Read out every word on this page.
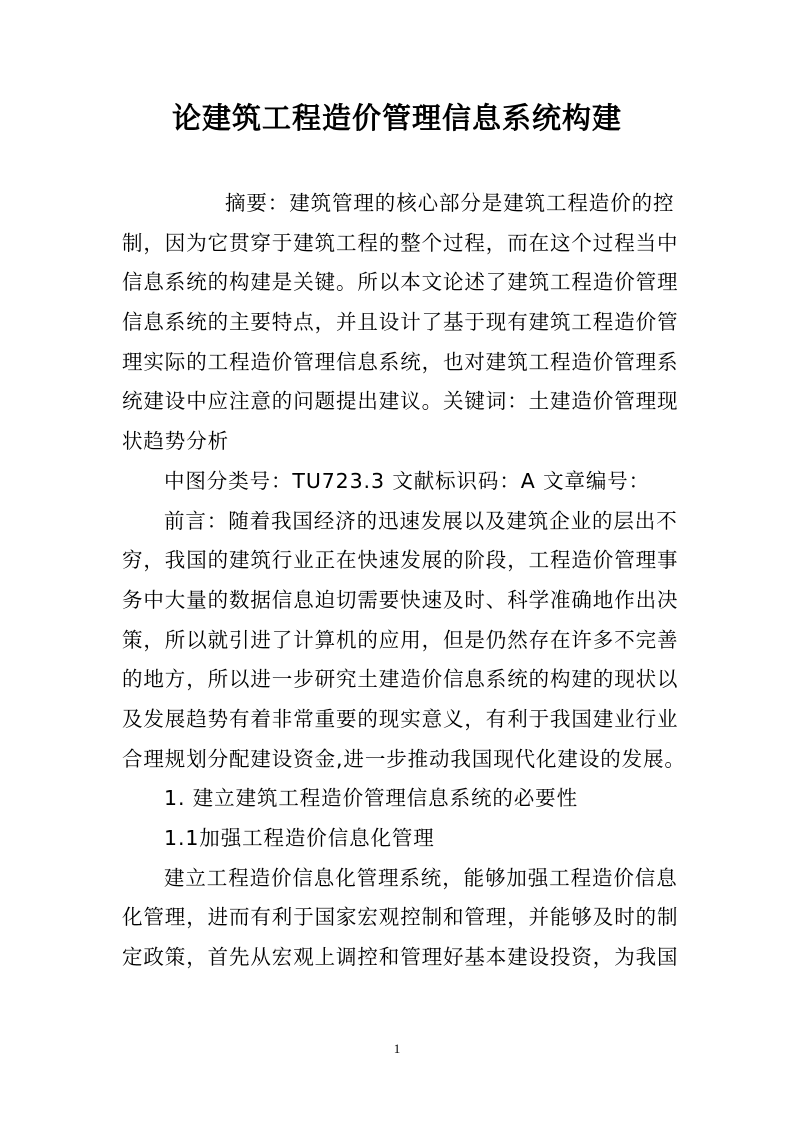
论建筑工程造价管理信息系统构建
摘要：建筑管理的核心部分是建筑工程造价的控
制，因为它贯穿于建筑工程的整个过程，而在这个过程当中
信息系统的构建是关键。所以本文论述了建筑工程造价管理
信息系统的主要特点，并且设计了基于现有建筑工程造价管
理实际的工程造价管理信息系统，也对建筑工程造价管理系
统建设中应注意的问题提出建议。关键词：土建造价管理现
状趋势分析
中图分类号：TU723.3 文献标识码：A 文章编号：
前言：随着我国经济的迅速发展以及建筑企业的层出不
穷，我国的建筑行业正在快速发展的阶段，工程造价管理事
务中大量的数据信息迫切需要快速及时、科学准确地作出决
策，所以就引进了计算机的应用，但是仍然存在许多不完善
的地方，所以进一步研究土建造价信息系统的构建的现状以
及发展趋势有着非常重要的现实意义，有利于我国建业行业
合理规划分配建设资金,进一步推动我国现代化建设的发展。
1. 建立建筑工程造价管理信息系统的必要性
1.1加强工程造价信息化管理
建立工程造价信息化管理系统，能够加强工程造价信息
化管理，进而有利于国家宏观控制和管理，并能够及时的制
定政策，首先从宏观上调控和管理好基本建设投资，为我国
1
